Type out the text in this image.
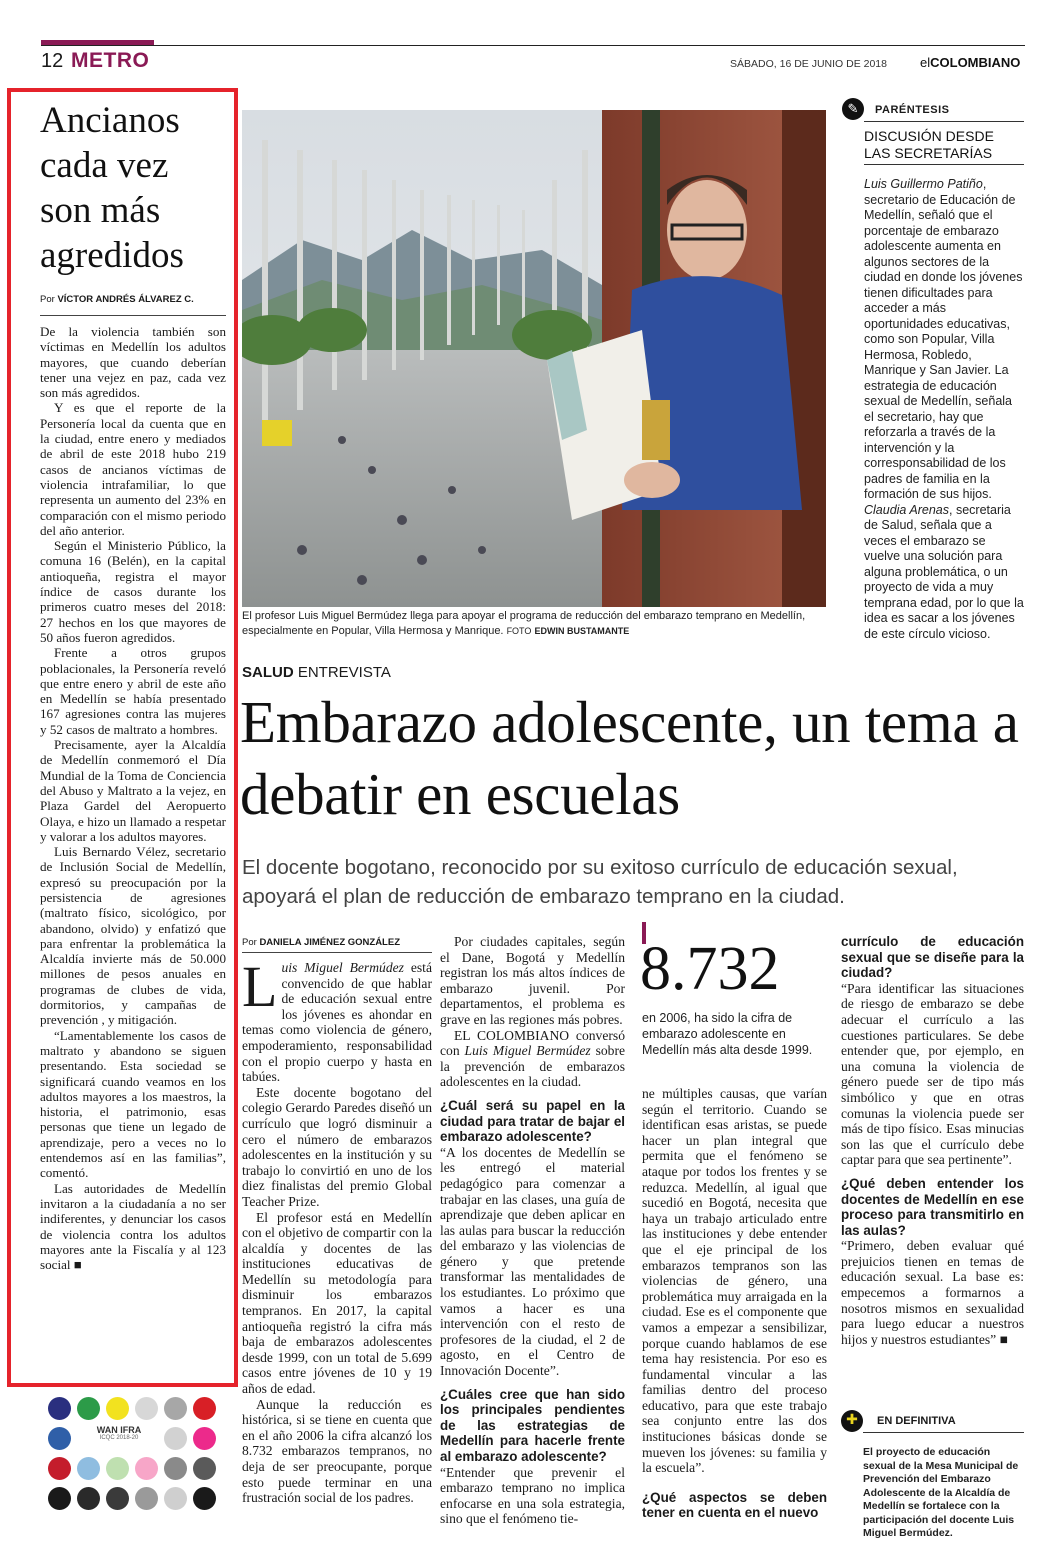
12 METRO	SÁBADO, 16 DE JUNIO DE 2018	elCOLOMBIANO
Ancianos cada vez son más agredidos
Por VÍCTOR ANDRÉS ÁLVAREZ C.

De la violencia también son víctimas en Medellín los adultos mayores, que cuando deberían tener una vejez en paz, cada vez son más agredidos.

Y es que el reporte de la Personería local da cuenta que en la ciudad, entre enero y mediados de abril de este 2018 hubo 219 casos de ancianos víctimas de violencia intrafamiliar, lo que representa un aumento del 23% en comparación con el mismo periodo del año anterior.

Según el Ministerio Público, la comuna 16 (Belén), en la capital antioqueña, registra el mayor índice de casos durante los primeros cuatro meses del 2018: 27 hechos en los que mayores de 50 años fueron agredidos.

Frente a otros grupos poblacionales, la Personería reveló que entre enero y abril de este año en Medellín se había presentado 167 agresiones contra las mujeres y 52 casos de maltrato a hombres.

Precisamente, ayer la Alcaldía de Medellín conmemoró el Día Mundial de la Toma de Conciencia del Abuso y Maltrato a la vejez, en Plaza Gardel del Aeropuerto Olaya, e hizo un llamado a respetar y valorar a los adultos mayores.

Luis Bernardo Vélez, secretario de Inclusión Social de Medellín, expresó su preocupación por la persistencia de agresiones (maltrato físico, sicológico, por abandono, olvido) y enfatizó que para enfrentar la problemática la Alcaldía invierte más de 50.000 millones de pesos anuales en programas de clubes de vida, dormitorios, y campañas de prevención , y mitigación.

“Lamentablemente los casos de maltrato y abandono se siguen presentando. Esta sociedad se significará cuando veamos en los adultos mayores a los maestros, la historia, el patrimonio, esas personas que tiene un legado de aprendizaje, pero a veces no lo entendemos así en las familias”, comentó.

Las autoridades de Medellín invitaron a la ciudadanía a no ser indiferentes, y denunciar los casos de violencia contra los adultos mayores ante la Fiscalía y al 123 social ■

WAN IFRA
ICQC 2018-20
El profesor Luis Miguel Bermúdez llega para apoyar el programa de reducción del embarazo temprano en Medellín, especialmente en Popular, Villa Hermosa y Manrique. FOTO EDWIN BUSTAMANTE
✎	PARÉNTESIS
DISCUSIÓN DESDE LAS SECRETARÍAS
Luis Guillermo Patiño, secretario de Educación de Medellín, señaló que el porcentaje de embarazo adolescente aumenta en algunos sectores de la ciudad en donde los jóvenes tienen dificultades para acceder a más oportunidades educativas, como son Popular, Villa Hermosa, Robledo, Manrique y San Javier. La estrategia de educación sexual de Medellín, señala el secretario, hay que reforzarla a través de la intervención y la corresponsabilidad de los padres de familia en la formación de sus hijos.
Claudia Arenas, secretaria de Salud, señala que a veces el embarazo se vuelve una solución para alguna problemática, o un proyecto de vida a muy temprana edad, por lo que la idea es sacar a los jóvenes de este círculo vicioso.
SALUD ENTREVISTA
Embarazo adolescente, un tema a debatir en escuelas
El docente bogotano, reconocido por su exitoso currículo de educación sexual, apoyará el plan de reducción de embarazo temprano en la ciudad.
Por DANIELA JIMÉNEZ GONZÁLEZ

Luis Miguel Bermúdez está convencido de que hablar de educación sexual entre los jóvenes es ahondar en temas como violencia de género, empoderamiento, responsabilidad con el propio cuerpo y hasta en tabúes.

Este docente bogotano del colegio Gerardo Paredes diseñó un currículo que logró disminuir a cero el número de embarazos adolescentes en la institución y su trabajo lo convirtió en uno de los diez finalistas del premio Global Teacher Prize.

El profesor está en Medellín con el objetivo de compartir con la alcaldía y docentes de las instituciones educativas de Medellín su metodología para disminuir los embarazos tempranos. En 2017, la capital antioqueña registró la cifra más baja de embarazos adolescentes desde 1999, con un total de 5.699 casos entre jóvenes de 10 y 19 años de edad.

Aunque la reducción es histórica, si se tiene en cuenta que en el año 2006 la cifra alcanzó los 8.732 embarazos tempranos, no deja de ser preocupante, porque esto puede terminar en una frustración social de los padres.

Por ciudades capitales, según el Dane, Bogotá y Medellín registran los más altos índices de embarazo juvenil. Por departamentos, el problema es grave en las regiones más pobres.

EL COLOMBIANO conversó con Luis Miguel Bermúdez sobre la prevención de embarazos adolescentes en la ciudad.

¿Cuál será su papel en la ciudad para tratar de bajar el embarazo adolescente?

“A los docentes de Medellín se les entregó el material pedagógico para comenzar a trabajar en las clases, una guía de aprendizaje que deben aplicar en las aulas para buscar la reducción del embarazo y las violencias de género y que pretende transformar las mentalidades de los estudiantes. Lo próximo que vamos a hacer es una intervención con el resto de profesores de la ciudad, el 2 de agosto, en el Centro de Innovación Docente”.

¿Cuáles cree que han sido los principales pendientes de las estrategias de Medellín para hacerle frente al embarazo adolescente?

“Entender que prevenir el embarazo temprano no implica enfocarse en una sola estrategia, sino que el fenómeno tie-

8.732
en 2006, ha sido la cifra de embarazo adolescente en Medellín más alta desde 1999.

ne múltiples causas, que varían según el territorio. Cuando se identifican esas aristas, se puede hacer un plan integral que permita que el fenómeno se ataque por todos los frentes y se reduzca. Medellín, al igual que sucedió en Bogotá, necesita que haya un trabajo articulado entre las instituciones y debe entender que el eje principal de los embarazos tempranos son las violencias de género, una problemática muy arraigada en la ciudad. Ese es el componente que vamos a empezar a sensibilizar, porque cuando hablamos de ese tema hay resistencia. Por eso es fundamental vincular a las familias dentro del proceso educativo, para que este trabajo sea conjunto entre las dos instituciones básicas donde se mueven los jóvenes: su familia y la escuela”.

¿Qué aspectos se deben tener en cuenta en el nuevo
currículo de educación sexual que se diseñe para la ciudad?

“Para identificar las situaciones de riesgo de embarazo se debe adecuar el currículo a las cuestiones particulares. Se debe entender que, por ejemplo, en una comuna la violencia de género puede ser de tipo más simbólico y que en otras comunas la violencia puede ser más de tipo físico. Esas minucias son las que el currículo debe captar para que sea pertinente”.

¿Qué deben entender los docentes de Medellín en ese proceso para transmitirlo en las aulas?

“Primero, deben evaluar qué prejuicios tienen en temas de educación sexual. La base es: empecemos a formarnos a nosotros mismos en sexualidad para luego educar a nuestros hijos y nuestros estudiantes” ■

✚	EN DEFINITIVA
El proyecto de educación sexual de la Mesa Municipal de Prevención del Embarazo Adolescente de la Alcaldía de Medellín se fortalece con la participación del docente Luis Miguel Bermúdez.
